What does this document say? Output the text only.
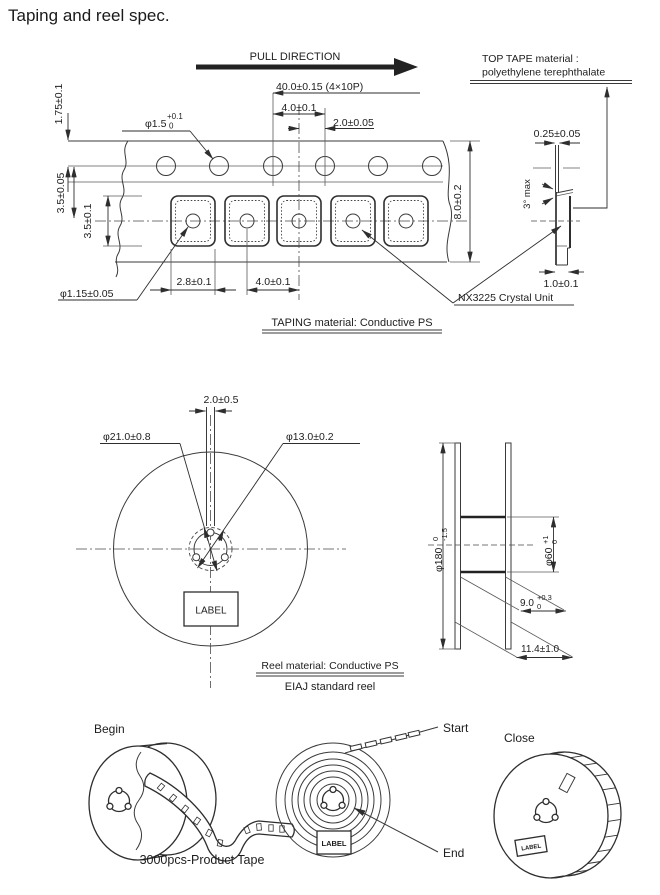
Taping and reel spec.
PULL DIRECTION	TOP TAPE material :
polyethylene terephthalate
40.0±0.15 (4×10P)
4.0±0.1
2.0±0.05
1.75±0.1
3.5±0.05
φ1.5
+0.1
0
3.5±0.1
φ1.15±0.05
2.8±0.1	4.0±0.1
8.0±0.2
NX3225 Crystal Unit
TAPING material: Conductive PS
0.25±0.05
3° max
1.0±0.1
2.0±0.5
φ21.0±0.8	φ13.0±0.2
LABEL
φ180
0 -1.5
φ60
+1 0
9.0
+0.3
0
11.4±1.0
Reel material: Conductive PS
EIAJ standard reel
Begin
3000pcs-Product Tape
Start
End
LABEL
Close
LABEL
